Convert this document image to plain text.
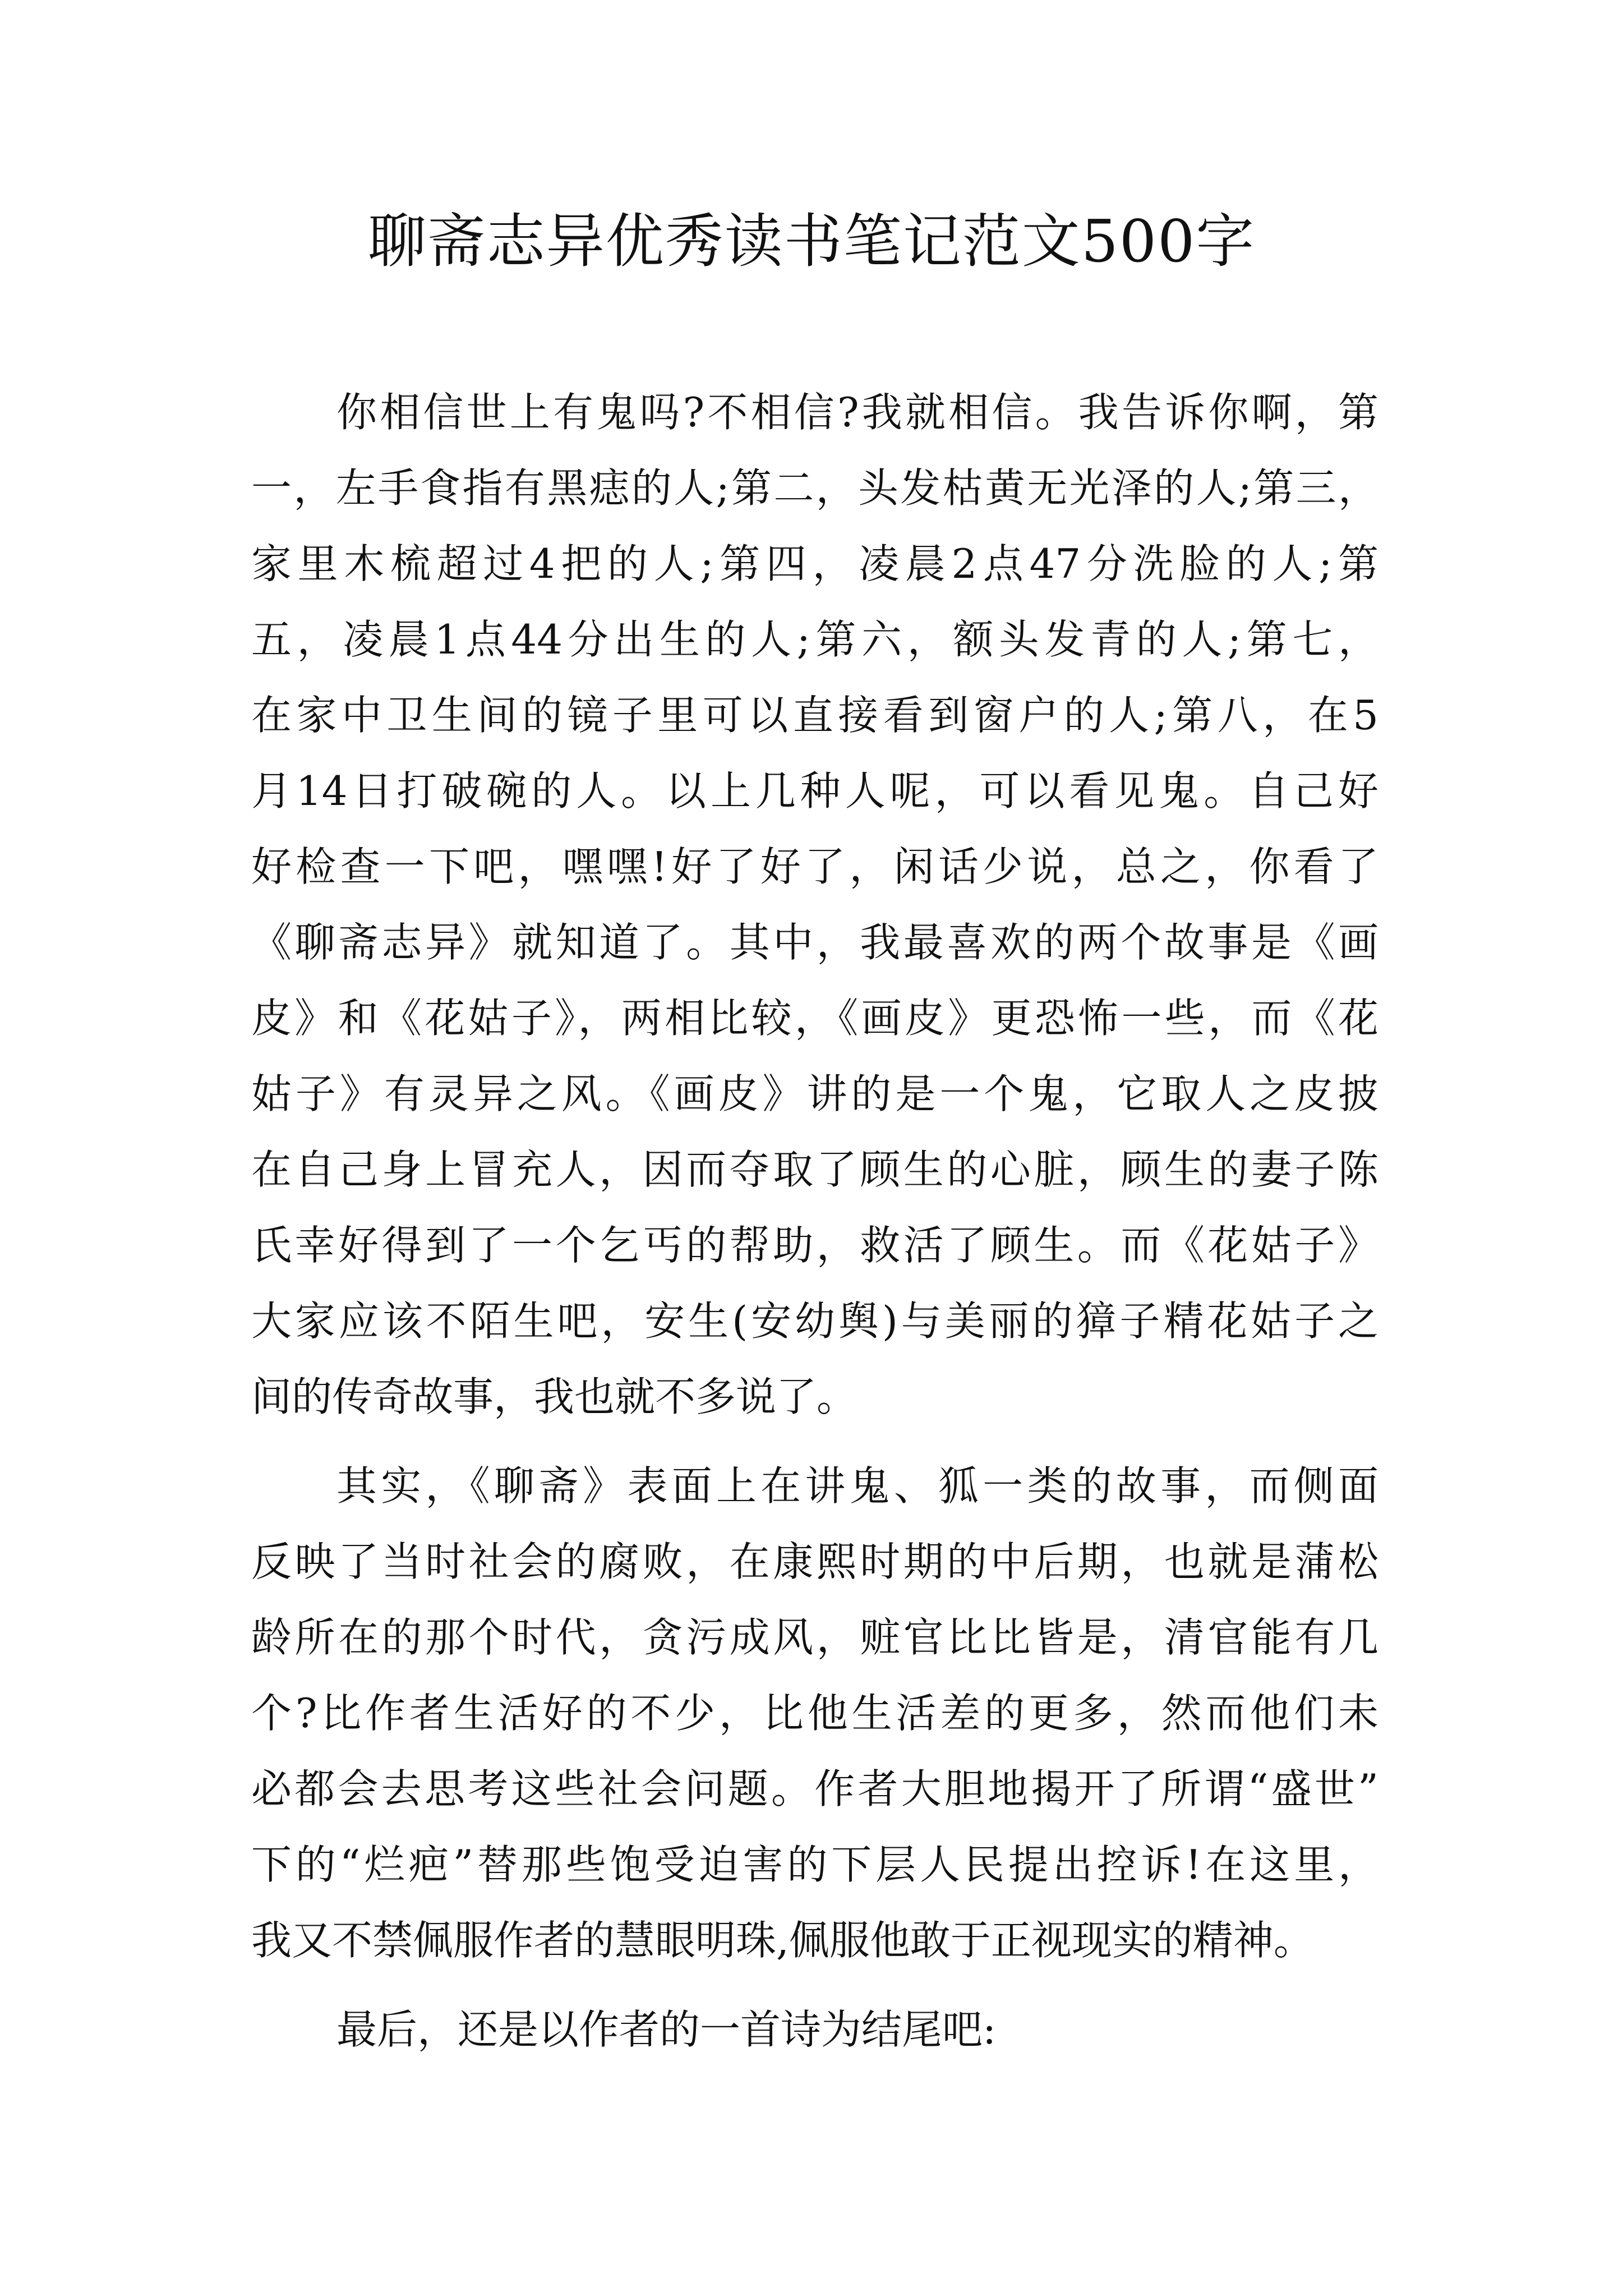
聊斋志异优秀读书笔记范文500字
你相信世上有鬼吗?不相信?我就相信。我告诉你啊，第
一，左手食指有黑痣的人;第二，头发枯黄无光泽的人;第三，
家里木梳超过4把的人;第四，凌晨2点47分洗脸的人;第
五，凌晨1点44分出生的人;第六，额头发青的人;第七，
在家中卫生间的镜子里可以直接看到窗户的人;第八，在5
月14日打破碗的人。以上几种人呢，可以看见鬼。自己好
好检查一下吧，嘿嘿!好了好了，闲话少说，总之，你看了
《聊斋志异》就知道了。其中，我最喜欢的两个故事是《画
皮》和《花姑子》，两相比较，《画皮》更恐怖一些，而《花
姑子》有灵异之风。《画皮》讲的是一个鬼，它取人之皮披
在自己身上冒充人，因而夺取了顾生的心脏，顾生的妻子陈
氏幸好得到了一个乞丐的帮助，救活了顾生。而《花姑子》
大家应该不陌生吧，安生(安幼舆)与美丽的獐子精花姑子之
间的传奇故事，我也就不多说了。
其实，《聊斋》表面上在讲鬼、狐一类的故事，而侧面
反映了当时社会的腐败，在康熙时期的中后期，也就是蒲松
龄所在的那个时代，贪污成风，赃官比比皆是，清官能有几
个?比作者生活好的不少，比他生活差的更多，然而他们未
必都会去思考这些社会问题。作者大胆地揭开了所谓“盛世”
下的“烂疤”替那些饱受迫害的下层人民提出控诉!在这里，
我又不禁佩服作者的慧眼明珠,佩服他敢于正视现实的精神。
最后，还是以作者的一首诗为结尾吧:
